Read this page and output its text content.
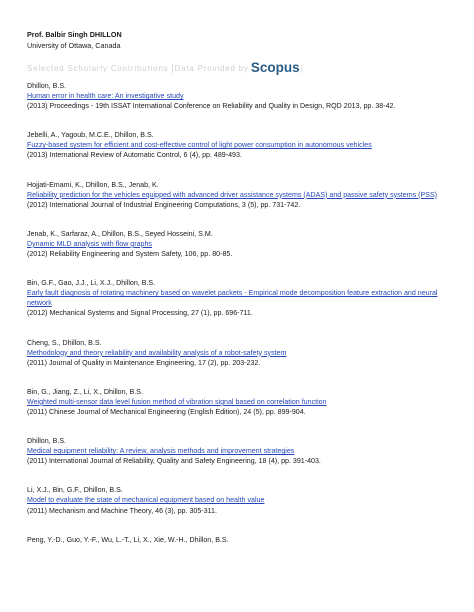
Prof. Balbir Singh DHILLON
University of Ottawa, Canada
Selected Scholarly Contributions [Data Provided by Scopus ]
Dhillon, B.S.
Human error in health care: An investigative study
(2013) Proceedings - 19th ISSAT International Conference on Reliability and Quality in Design, RQD 2013, pp. 38-42.
Jebelli, A., Yagoub, M.C.E., Dhillon, B.S.
Fuzzy-based system for efficient and cost-effective control of light power consumption in autonomous vehicles
(2013) International Review of Automatic Control, 6 (4), pp. 489-493.
Hojjati-Emami, K., Dhillon, B.S., Jenab, K.
Reliability prediction for the vehicles equipped with advanced driver assistance systems (ADAS) and passive safety systems (PSS)
(2012) International Journal of Industrial Engineering Computations, 3 (5), pp. 731-742.
Jenab, K., Sarfaraz, A., Dhillon, B.S., Seyed Hosseini, S.M.
Dynamic MLD analysis with flow graphs
(2012) Reliability Engineering and System Safety, 106, pp. 80-85.
Bin, G.F., Gao, J.J., Li, X.J., Dhillon, B.S.
Early fault diagnosis of rotating machinery based on wavelet packets - Empirical mode decomposition feature extraction and neural network
(2012) Mechanical Systems and Signal Processing, 27 (1), pp. 696-711.
Cheng, S., Dhillon, B.S.
Methodology and theory reliability and availability analysis of a robot-safety system
(2011) Journal of Quality in Maintenance Engineering, 17 (2), pp. 203-232.
Bin, G., Jiang, Z., Li, X., Dhillon, B.S.
Weighted multi-sensor data level fusion method of vibration signal based on correlation function
(2011) Chinese Journal of Mechanical Engineering (English Edition), 24 (5), pp. 899-904.
Dhillon, B.S.
Medical equipment reliability: A review, analysis methods and improvement strategies
(2011) International Journal of Reliability, Quality and Safety Engineering, 18 (4), pp. 391-403.
Li, X.J., Bin, G.F., Dhillon, B.S.
Model to evaluate the state of mechanical equipment based on health value
(2011) Mechanism and Machine Theory, 46 (3), pp. 305-311.
Peng, Y.-D., Guo, Y.-F., Wu, L.-T., Li, X., Xie, W.-H., Dhillon, B.S.
